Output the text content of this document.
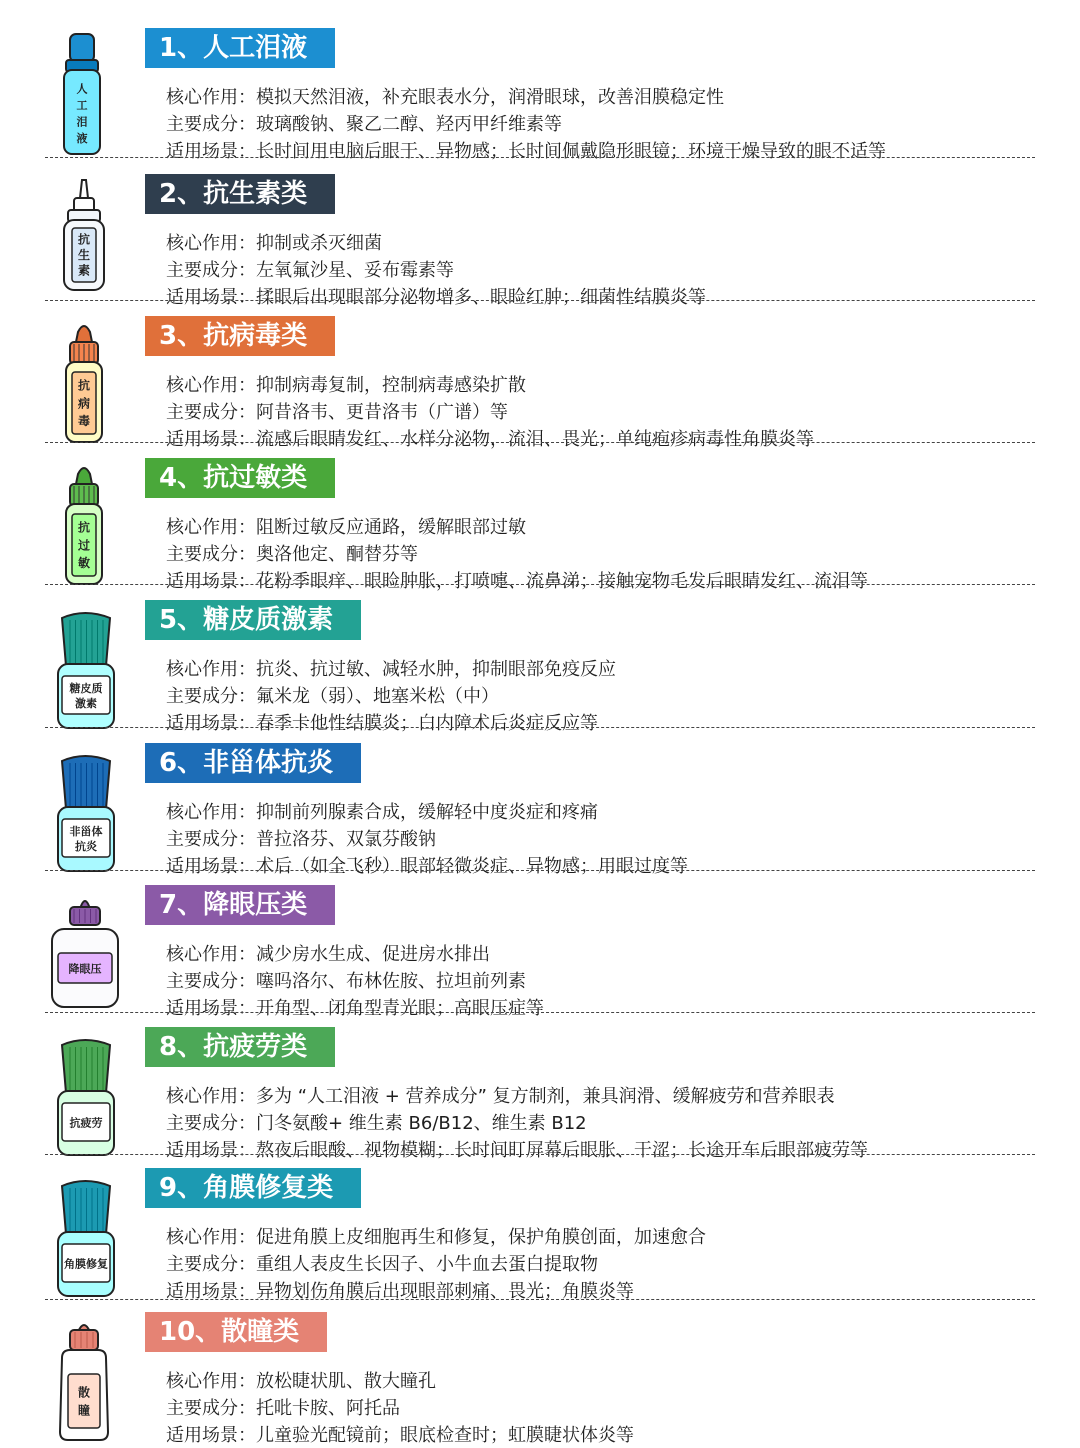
人
工
泪
液
1、人工泪液
核心作用：模拟天然泪液，补充眼表水分，润滑眼球，改善泪膜稳定性
主要成分：玻璃酸钠、聚乙二醇、羟丙甲纤维素等
适用场景：长时间用电脑后眼干、异物感；长时间佩戴隐形眼镜；环境干燥导致的眼不适等
抗
生
素
2、抗生素类
核心作用：抑制或杀灭细菌
主要成分：左氧氟沙星、妥布霉素等
适用场景：揉眼后出现眼部分泌物增多、眼睑红肿；细菌性结膜炎等
抗
病
毒
3、抗病毒类
核心作用：抑制病毒复制，控制病毒感染扩散
主要成分：阿昔洛韦、更昔洛韦（广谱）等
适用场景：流感后眼睛发红、水样分泌物，流泪、畏光；单纯疱疹病毒性角膜炎等
抗
过
敏
4、抗过敏类
核心作用：阻断过敏反应通路，缓解眼部过敏
主要成分：奥洛他定、酮替芬等
适用场景：花粉季眼痒、眼睑肿胀，打喷嚏、流鼻涕；接触宠物毛发后眼睛发红、流泪等
糖皮质
激素
5、糖皮质激素
核心作用：抗炎、抗过敏、减轻水肿，抑制眼部免疫反应
主要成分：氟米龙（弱）、地塞米松（中）
适用场景：春季卡他性结膜炎；白内障术后炎症反应等
非甾体
抗炎
6、非甾体抗炎
核心作用：抑制前列腺素合成，缓解轻中度炎症和疼痛
主要成分：普拉洛芬、双氯芬酸钠
适用场景：术后（如全飞秒）眼部轻微炎症、异物感；用眼过度等
降眼压
7、降眼压类
核心作用：减少房水生成、促进房水排出
主要成分：噻吗洛尔、布林佐胺、拉坦前列素
适用场景：开角型、闭角型青光眼；高眼压症等
抗疲劳
8、抗疲劳类
核心作用：多为 “人工泪液 + 营养成分” 复方制剂，兼具润滑、缓解疲劳和营养眼表
主要成分：门冬氨酸+ 维生素 B6/B12、维生素 B12
适用场景：熬夜后眼酸、视物模糊；长时间盯屏幕后眼胀、干涩；长途开车后眼部疲劳等
角膜修复
9、角膜修复类
核心作用：促进角膜上皮细胞再生和修复，保护角膜创面，加速愈合
主要成分：重组人表皮生长因子、小牛血去蛋白提取物
适用场景：异物划伤角膜后出现眼部刺痛、畏光；角膜炎等
散
瞳
10、散瞳类
核心作用：放松睫状肌、散大瞳孔
主要成分：托吡卡胺、阿托品
适用场景：儿童验光配镜前；眼底检查时；虹膜睫状体炎等
